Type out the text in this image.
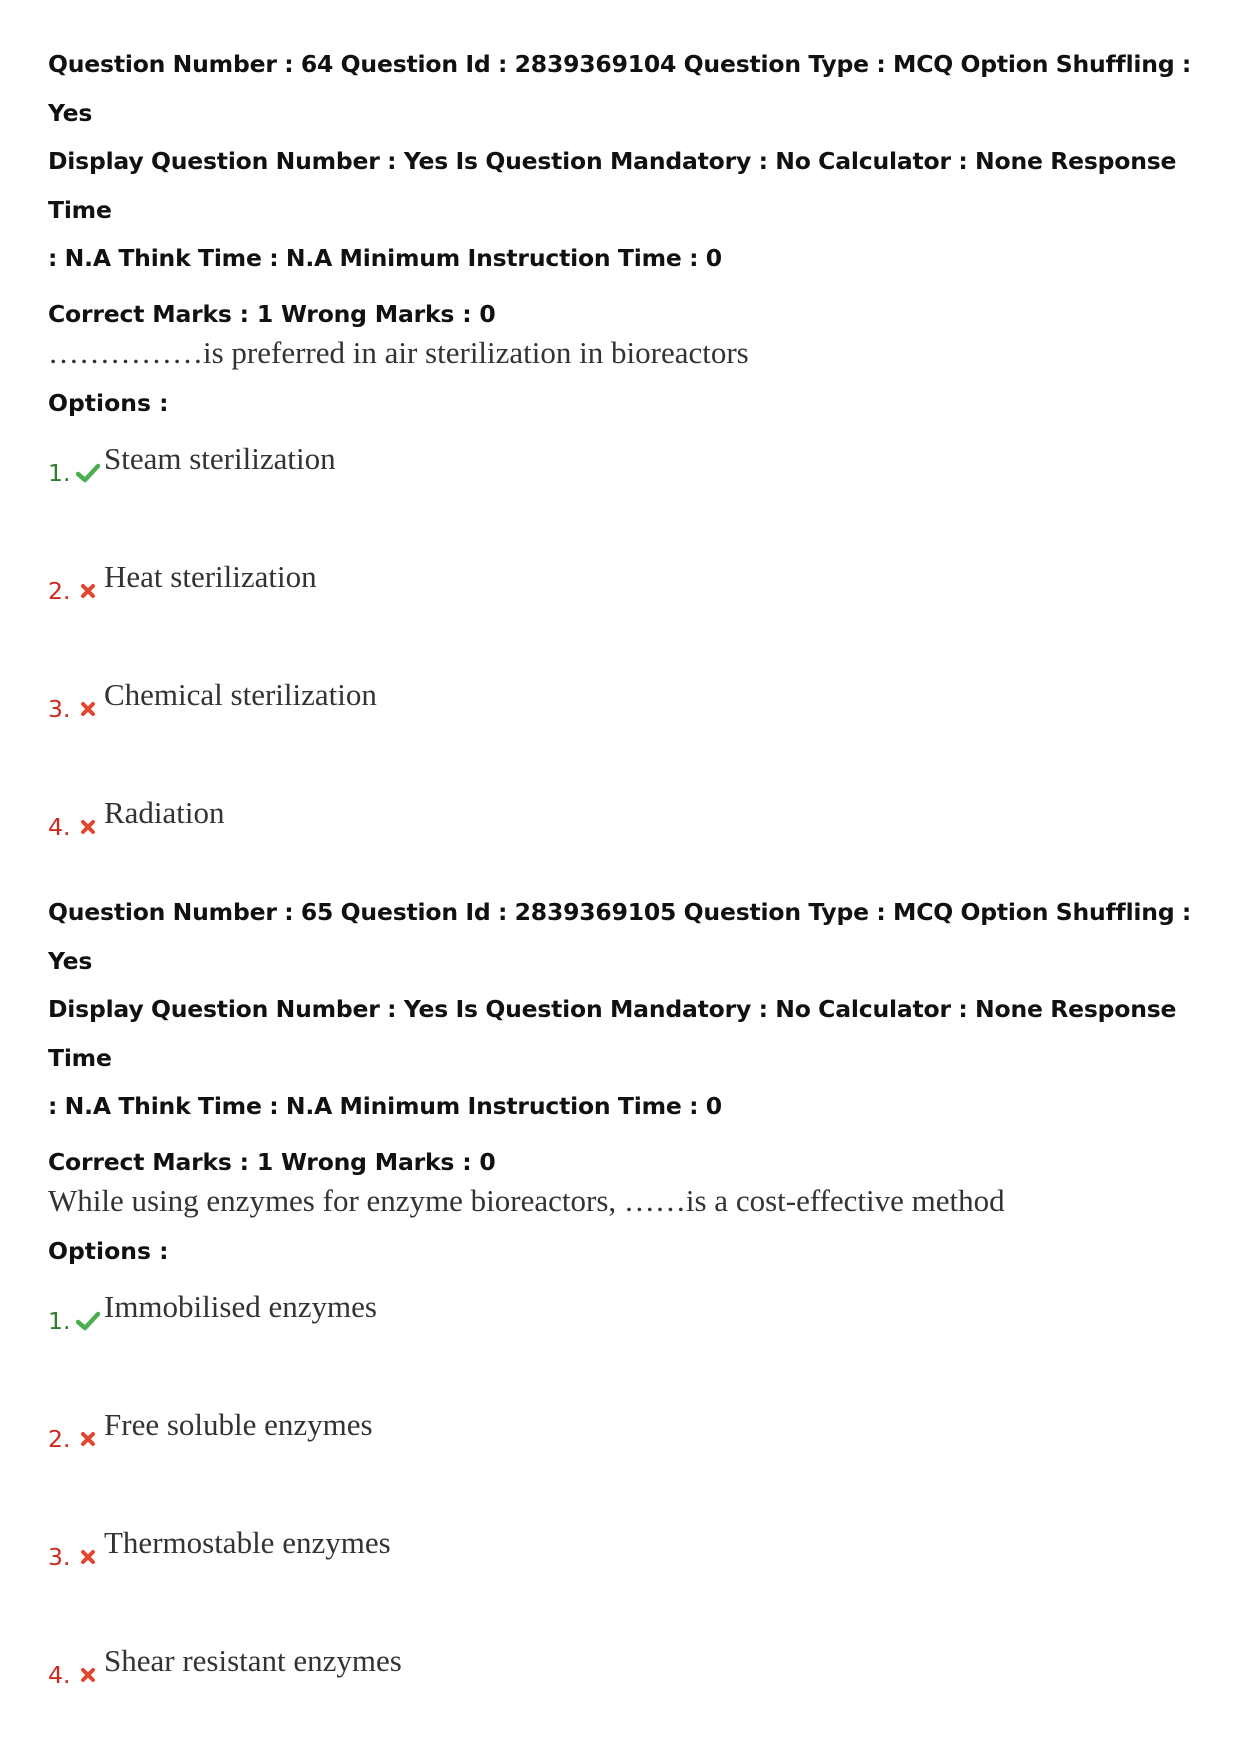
Question Number : 64 Question Id : 2839369104 Question Type : MCQ Option Shuffling : Yes
Display Question Number : Yes Is Question Mandatory : No Calculator : None Response Time
: N.A Think Time : N.A Minimum Instruction Time : 0
Correct Marks : 1 Wrong Marks : 0
……………is preferred in air sterilization in bioreactors
Options :
1. Steam sterilization
2. Heat sterilization
3. Chemical sterilization
4. Radiation
Question Number : 65 Question Id : 2839369105 Question Type : MCQ Option Shuffling : Yes
Display Question Number : Yes Is Question Mandatory : No Calculator : None Response Time
: N.A Think Time : N.A Minimum Instruction Time : 0
Correct Marks : 1 Wrong Marks : 0
While using enzymes for enzyme bioreactors, ……is a cost-effective method
Options :
1. Immobilised enzymes
2. Free soluble enzymes
3. Thermostable enzymes
4. Shear resistant enzymes
